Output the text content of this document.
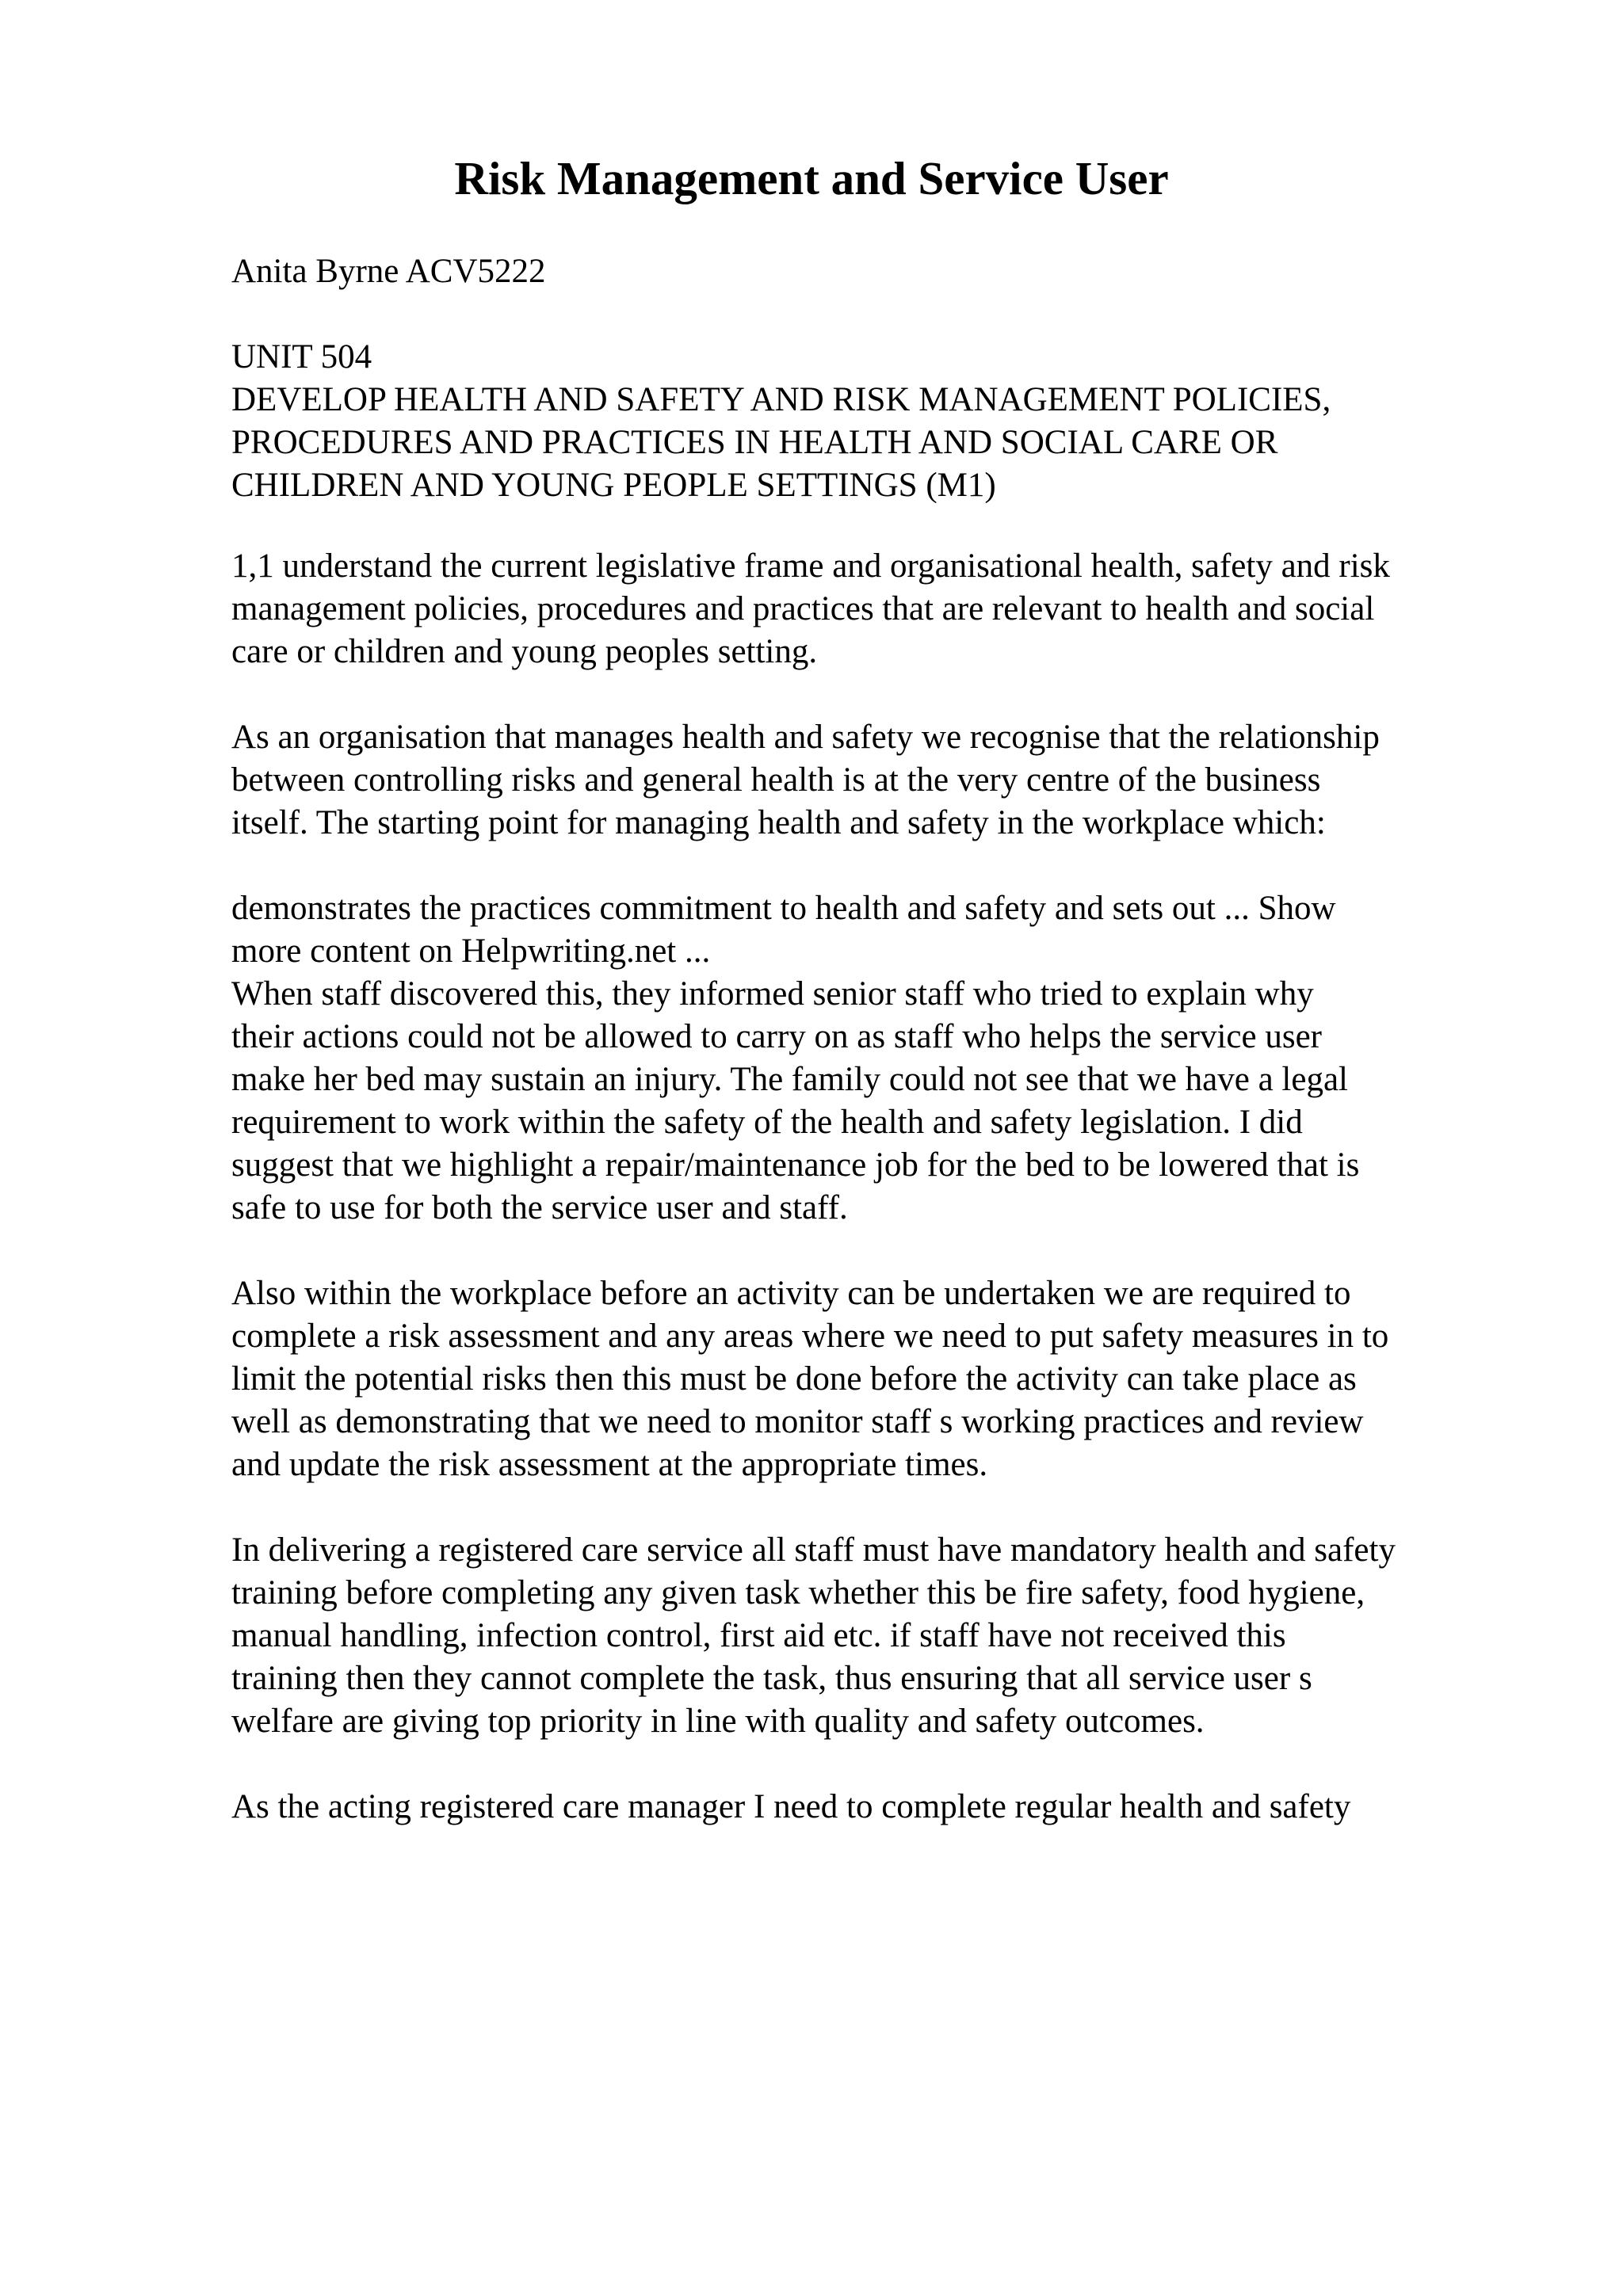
Risk Management and Service User
Anita Byrne ACV5222
UNIT 504
DEVELOP HEALTH AND SAFETY AND RISK MANAGEMENT POLICIES,
PROCEDURES AND PRACTICES IN HEALTH AND SOCIAL CARE OR
CHILDREN AND YOUNG PEOPLE SETTINGS (M1)
1,1 understand the current legislative frame and organisational health, safety and risk
management policies, procedures and practices that are relevant to health and social
care or children and young peoples setting.
As an organisation that manages health and safety we recognise that the relationship
between controlling risks and general health is at the very centre of the business
itself. The starting point for managing health and safety in the workplace which:
demonstrates the practices commitment to health and safety and sets out ... Show
more content on Helpwriting.net ...
When staff discovered this, they informed senior staff who tried to explain why
their actions could not be allowed to carry on as staff who helps the service user
make her bed may sustain an injury. The family could not see that we have a legal
requirement to work within the safety of the health and safety legislation. I did
suggest that we highlight a repair/maintenance job for the bed to be lowered that is
safe to use for both the service user and staff.
Also within the workplace before an activity can be undertaken we are required to
complete a risk assessment and any areas where we need to put safety measures in to
limit the potential risks then this must be done before the activity can take place as
well as demonstrating that we need to monitor staff s working practices and review
and update the risk assessment at the appropriate times.
In delivering a registered care service all staff must have mandatory health and safety
training before completing any given task whether this be fire safety, food hygiene,
manual handling, infection control, first aid etc. if staff have not received this
training then they cannot complete the task, thus ensuring that all service user s
welfare are giving top priority in line with quality and safety outcomes.
As the acting registered care manager I need to complete regular health and safety
